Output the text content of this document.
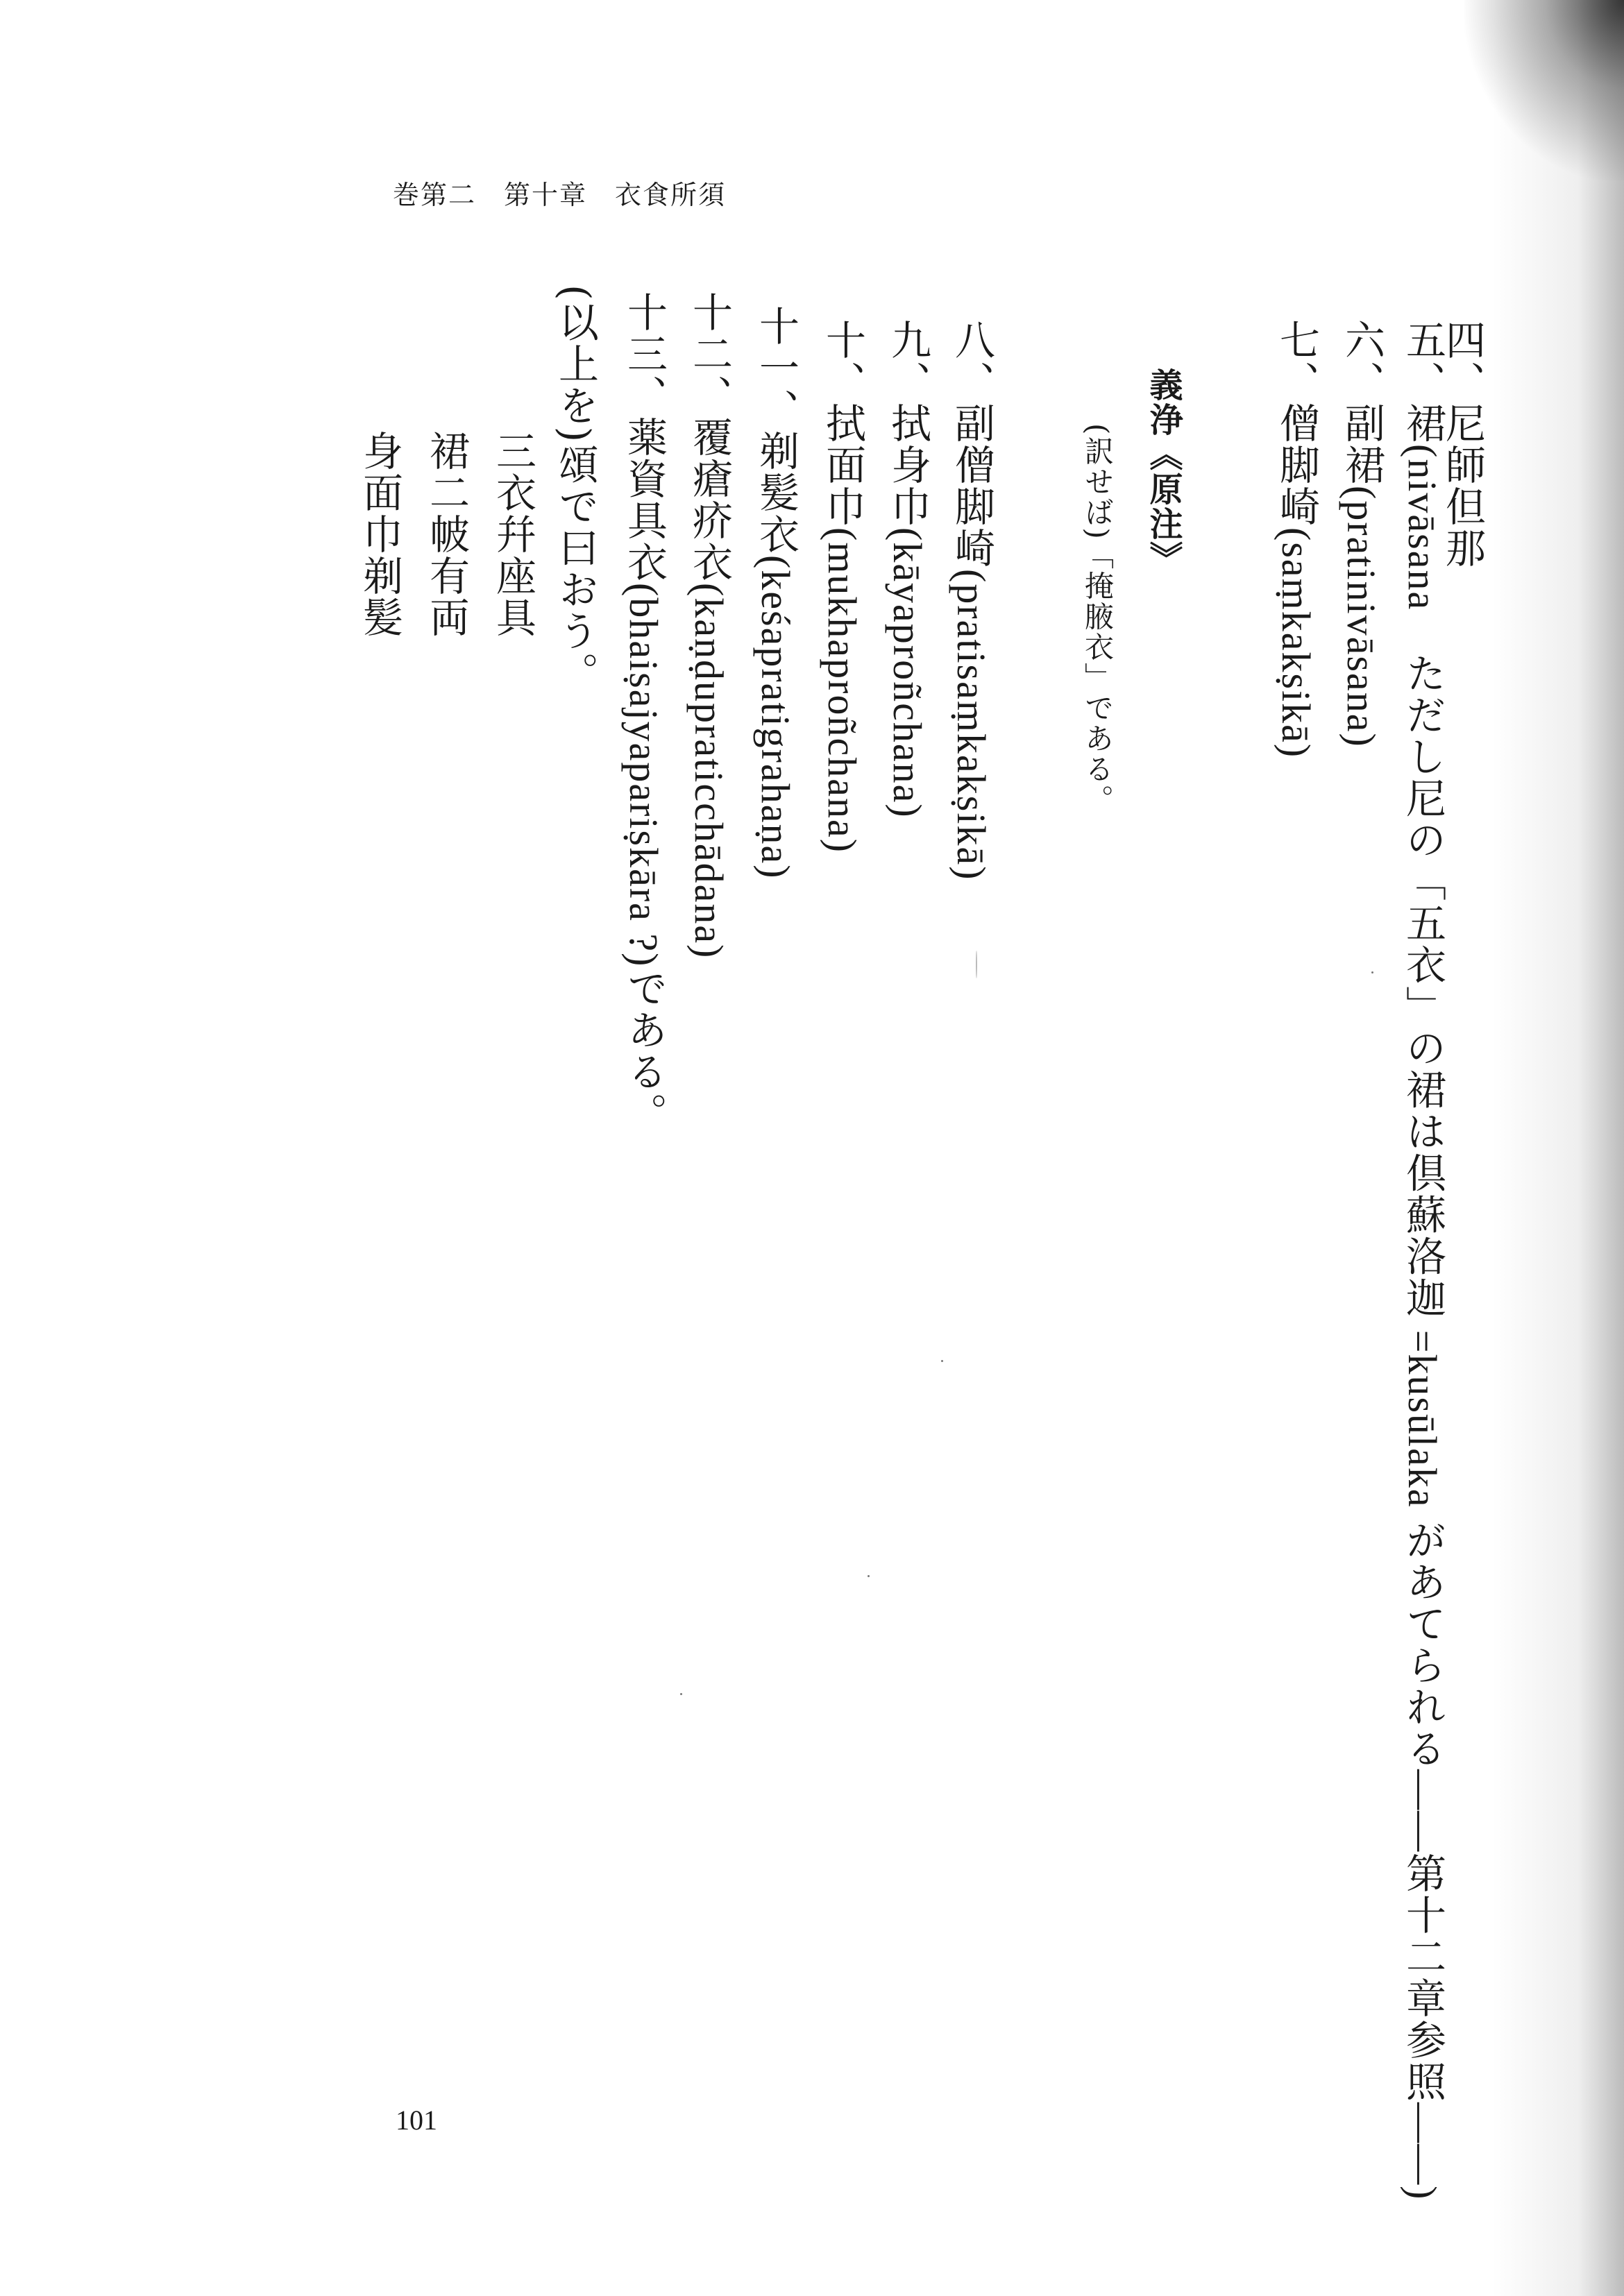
巻第二 第十章 衣食所須
四、尼師但那
五、裙(nivāsana　ただし尼の「五衣」の裙は倶蘇洛迦 =kusūlaka があてられる――第十二章参照――)
六、副裙(pratinivāsana)
七、僧脚崎(saṃkakṣikā)
義浄《原注》
(訳せば)「掩腋衣」である。
八、副僧脚崎(pratisaṃkakṣikā)
九、拭身巾(kāyaproñchana)
十、拭面巾(mukhaproñchana)
十一、剃髪衣(keśapratigrahaṇa)
十二、覆瘡疥衣(kaṇḍupraticchādana)
十三、薬資具衣(bhaiṣajyapariṣkāra ?)である。
(以上を)頌で曰おう。
三衣幷座具
裙二帔有両
身面巾剃髪
101
